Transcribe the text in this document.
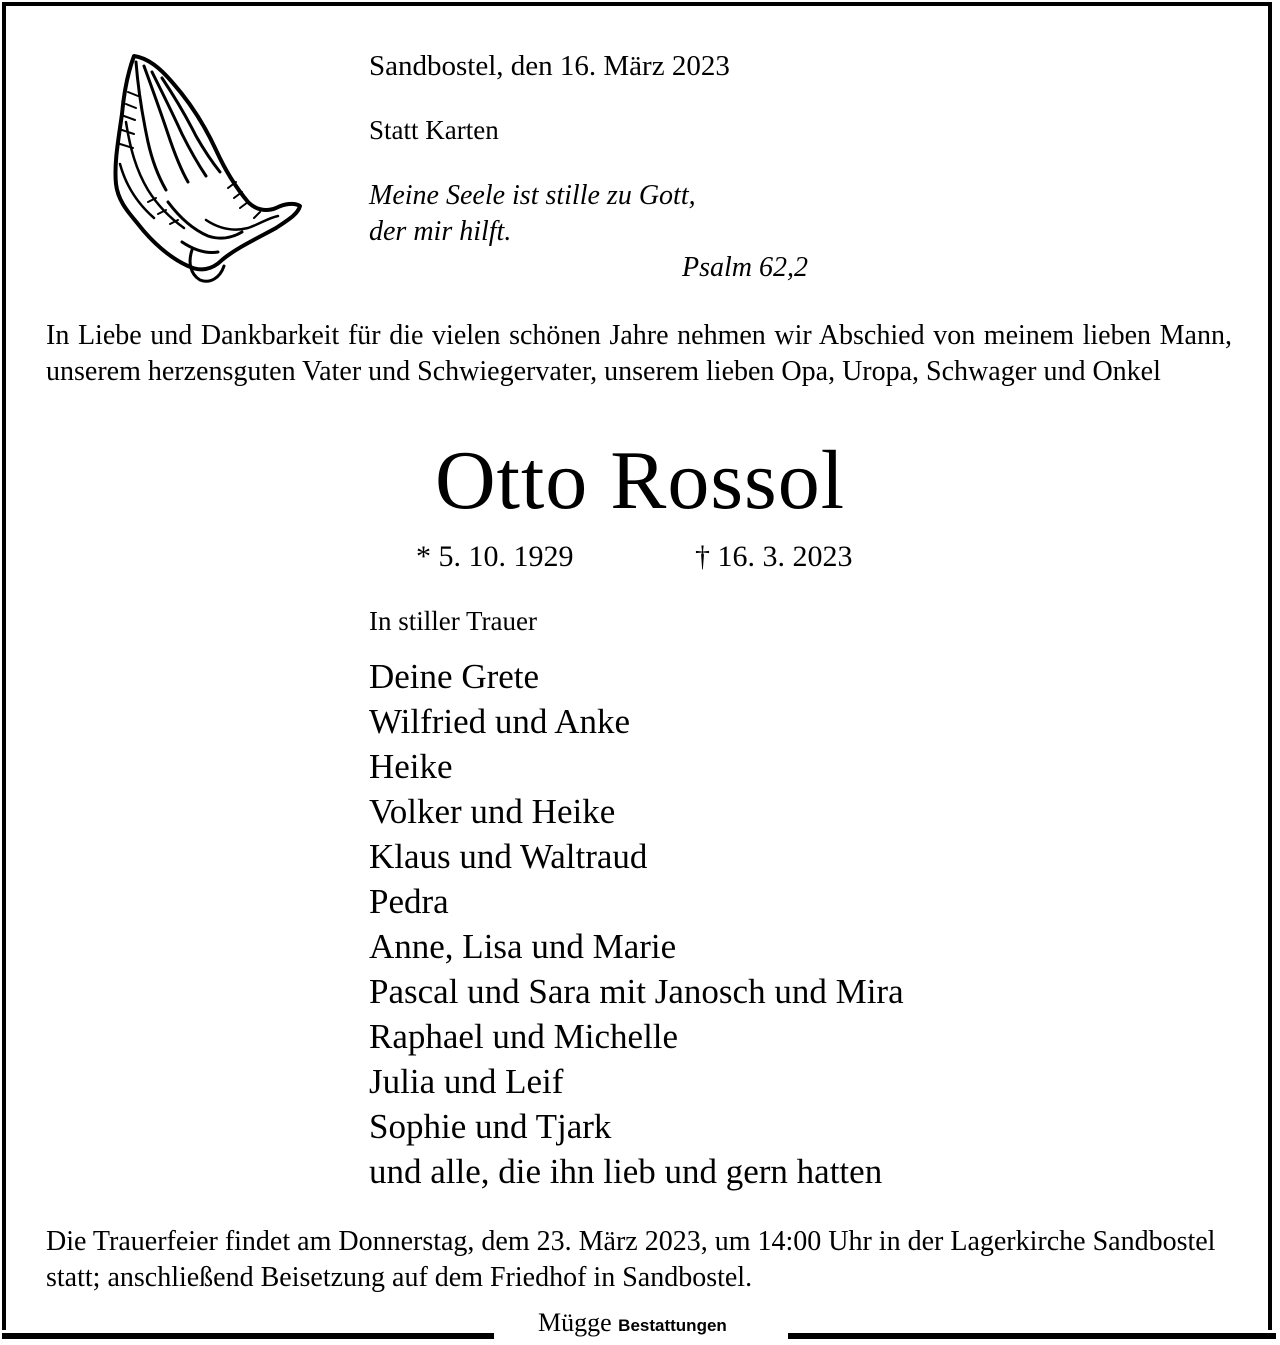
Sandbostel, den 16. März 2023
Statt Karten
Meine Seele ist stille zu Gott,
der mir hilft.
Psalm 62,2
In Liebe und Dankbarkeit für die vielen schönen Jahre nehmen wir Abschied von meinem lieben Mann, unserem herzensguten Vater und Schwiegervater, unserem lieben Opa, Uropa, Schwager und Onkel
Otto Rossol
* 5. 10. 1929	† 16. 3. 2023
In stiller Trauer
Deine Grete
Wilfried und Anke
Heike
Volker und Heike
Klaus und Waltraud
Pedra
Anne, Lisa und Marie
Pascal und Sara mit Janosch und Mira
Raphael und Michelle
Julia und Leif
Sophie und Tjark
und alle, die ihn lieb und gern hatten
Die Trauerfeier findet am Donnerstag, dem 23. März 2023, um 14:00 Uhr in der Lagerkirche Sandbostel statt; anschließend Beisetzung auf dem Friedhof in Sandbostel.
Mügge Bestattungen
